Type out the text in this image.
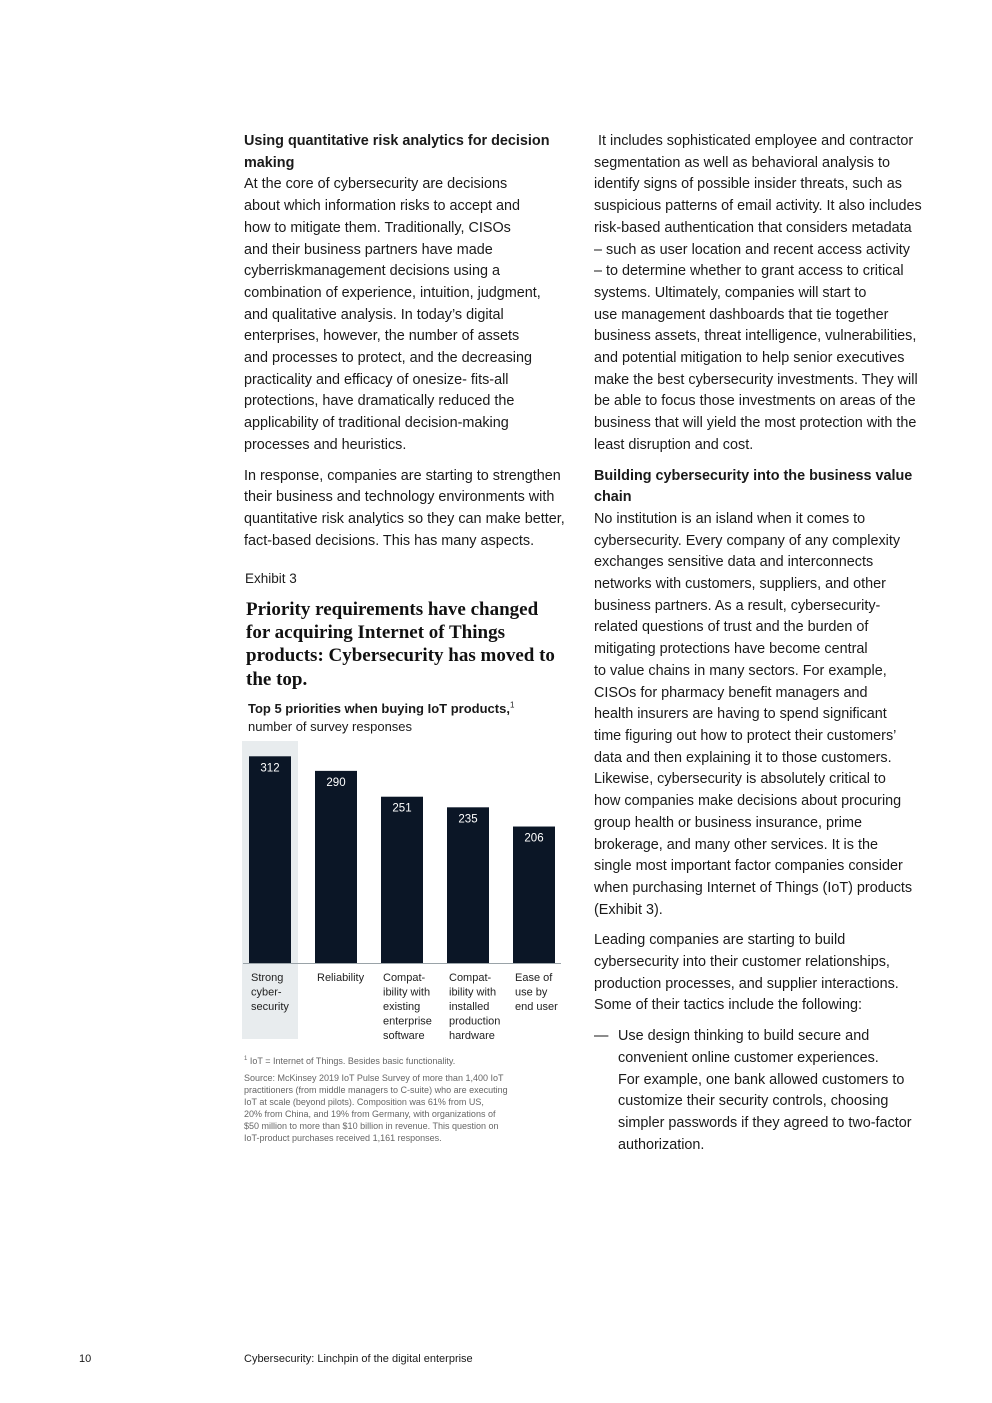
Using quantitative risk analytics for decision
making
At the core of cybersecurity are decisions
about which information risks to accept and
how to mitigate them. Traditionally, CISOs
and their business partners have made
cyberriskmanagement decisions using a
combination of experience, intuition, judgment,
and qualitative analysis. In today’s digital
enterprises, however, the number of assets
and processes to protect, and the decreasing
practicality and efficacy of onesize- fits-all
protections, have dramatically reduced the
applicability of traditional decision-making
processes and heuristics.
In response, companies are starting to strengthen
their business and technology environments with
quantitative risk analytics so they can make better,
fact-based decisions. This has many aspects.
Exhibit 3
Priority requirements have changed
for acquiring Internet of Things
products: Cybersecurity has moved to
the top.
Top 5 priorities when buying IoT products,$^1$
number of survey responses
312
Strong
cyber-
security
290
Reliability
251
Compat-
ibility with
existing
enterprise
software
235
Compat-
ibility with
installed
production
hardware
206
Ease of
use by
end user
$^1$ IoT = Internet of Things. Besides basic functionality.
Source: McKinsey 2019 IoT Pulse Survey of more than 1,400 IoT
practitioners (from middle managers to C-suite) who are executing
IoT at scale (beyond pilots). Composition was 61% from US,
20% from China, and 19% from Germany, with organizations of
$50 million to more than $10 billion in revenue. This question on
IoT-product purchases received 1,161 responses.
It includes sophisticated employee and contractor
segmentation as well as behavioral analysis to
identify signs of possible insider threats, such as
suspicious patterns of email activity. It also includes
risk-based authentication that considers metadata
– such as user location and recent access activity
– to determine whether to grant access to critical
systems. Ultimately, companies will start to
use management dashboards that tie together
business assets, threat intelligence, vulnerabilities,
and potential mitigation to help senior executives
make the best cybersecurity investments. They will
be able to focus those investments on areas of the
business that will yield the most protection with the
least disruption and cost.
Building cybersecurity into the business value
chain
No institution is an island when it comes to
cybersecurity. Every company of any complexity
exchanges sensitive data and interconnects
networks with customers, suppliers, and other
business partners. As a result, cybersecurity-
related questions of trust and the burden of
mitigating protections have become central
to value chains in many sectors. For example,
CISOs for pharmacy benefit managers and
health insurers are having to spend significant
time figuring out how to protect their customers’
data and then explaining it to those customers.
Likewise, cybersecurity is absolutely critical to
how companies make decisions about procuring
group health or business insurance, prime
brokerage, and many other services. It is the
single most important factor companies consider
when purchasing Internet of Things (IoT) products
(Exhibit 3).
Leading companies are starting to build
cybersecurity into their customer relationships,
production processes, and supplier interactions.
Some of their tactics include the following:
— Use design thinking to build secure and
convenient online customer experiences.
For example, one bank allowed customers to
customize their security controls, choosing
simpler passwords if they agreed to two-factor
authorization.
10	Cybersecurity: Linchpin of the digital enterprise
